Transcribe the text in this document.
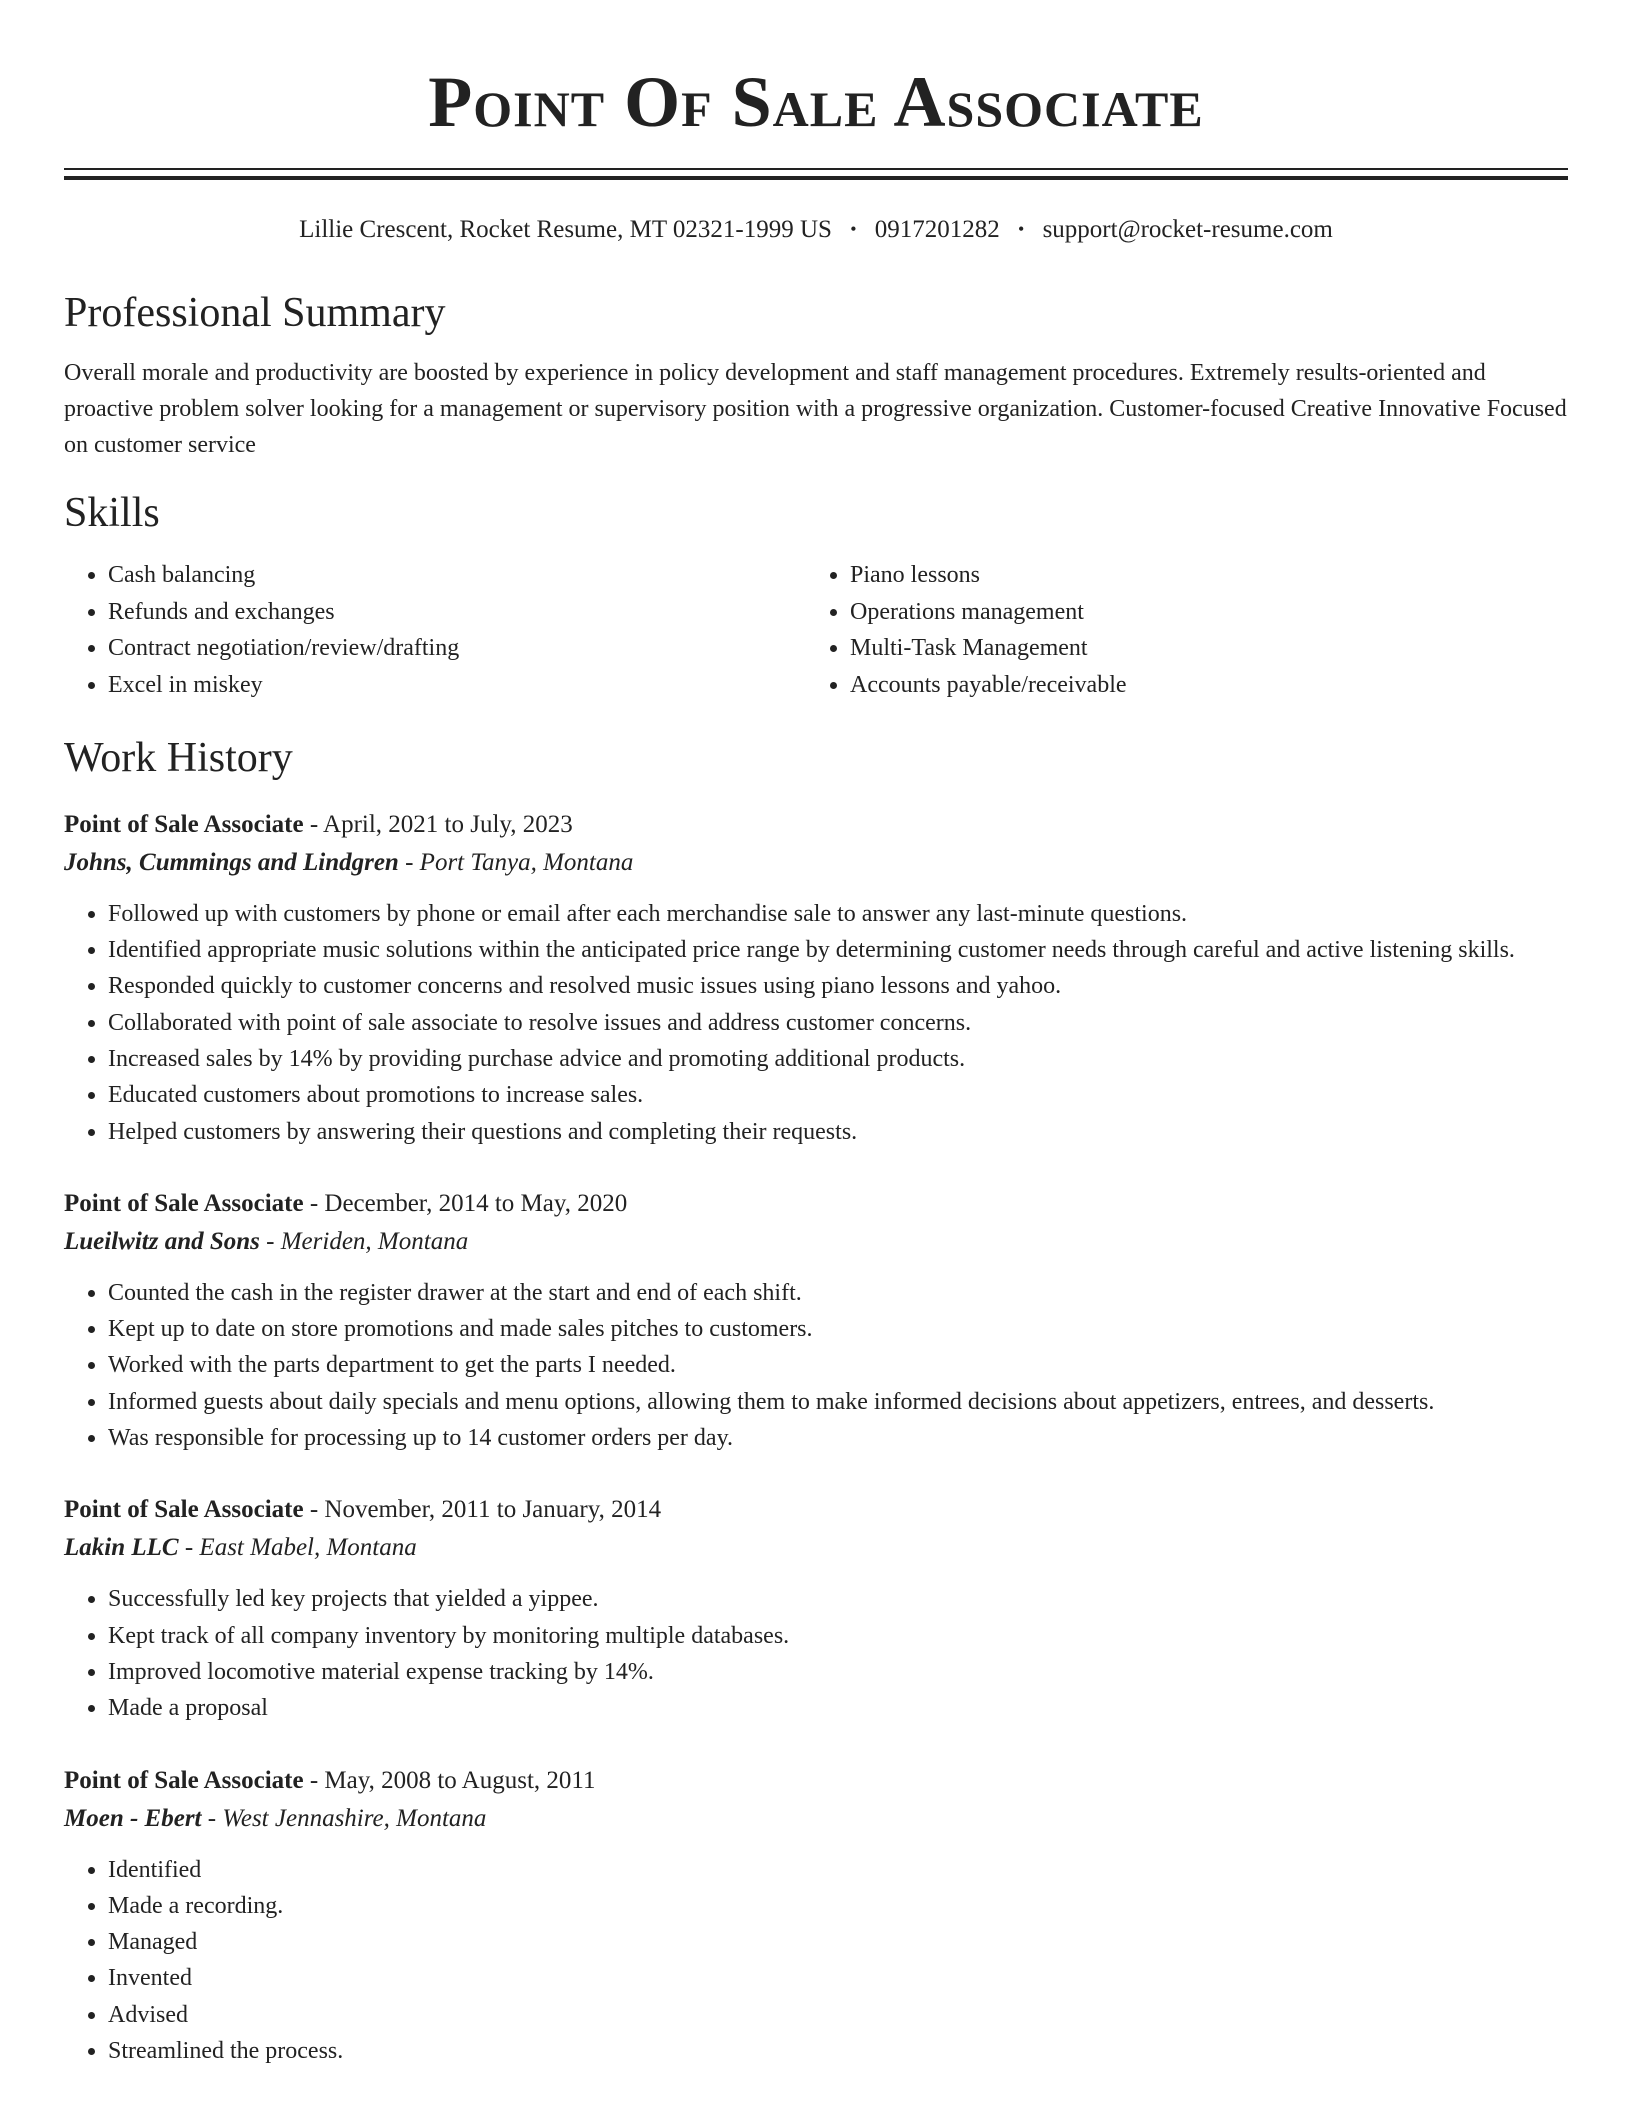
Point Of Sale Associate
Lillie Crescent, Rocket Resume, MT 02321-1999 US • 0917201282 • support@rocket-resume.com
Professional Summary
Overall morale and productivity are boosted by experience in policy development and staff management procedures. Extremely results-oriented and proactive problem solver looking for a management or supervisory position with a progressive organization. Customer-focused Creative Innovative Focused on customer service
Skills
• Cash balancing
• Refunds and exchanges
• Contract negotiation/review/drafting
• Excel in miskey
• Piano lessons
• Operations management
• Multi-Task Management
• Accounts payable/receivable
Work History
Point of Sale Associate - April, 2021 to July, 2023
Johns, Cummings and Lindgren - Port Tanya, Montana
• Followed up with customers by phone or email after each merchandise sale to answer any last-minute questions.
• Identified appropriate music solutions within the anticipated price range by determining customer needs through careful and active listening skills.
• Responded quickly to customer concerns and resolved music issues using piano lessons and yahoo.
• Collaborated with point of sale associate to resolve issues and address customer concerns.
• Increased sales by 14% by providing purchase advice and promoting additional products.
• Educated customers about promotions to increase sales.
• Helped customers by answering their questions and completing their requests.
Point of Sale Associate - December, 2014 to May, 2020
Lueilwitz and Sons - Meriden, Montana
• Counted the cash in the register drawer at the start and end of each shift.
• Kept up to date on store promotions and made sales pitches to customers.
• Worked with the parts department to get the parts I needed.
• Informed guests about daily specials and menu options, allowing them to make informed decisions about appetizers, entrees, and desserts.
• Was responsible for processing up to 14 customer orders per day.
Point of Sale Associate - November, 2011 to January, 2014
Lakin LLC - East Mabel, Montana
• Successfully led key projects that yielded a yippee.
• Kept track of all company inventory by monitoring multiple databases.
• Improved locomotive material expense tracking by 14%.
• Made a proposal
Point of Sale Associate - May, 2008 to August, 2011
Moen - Ebert - West Jennashire, Montana
• Identified
• Made a recording.
• Managed
• Invented
• Advised
• Streamlined the process.
